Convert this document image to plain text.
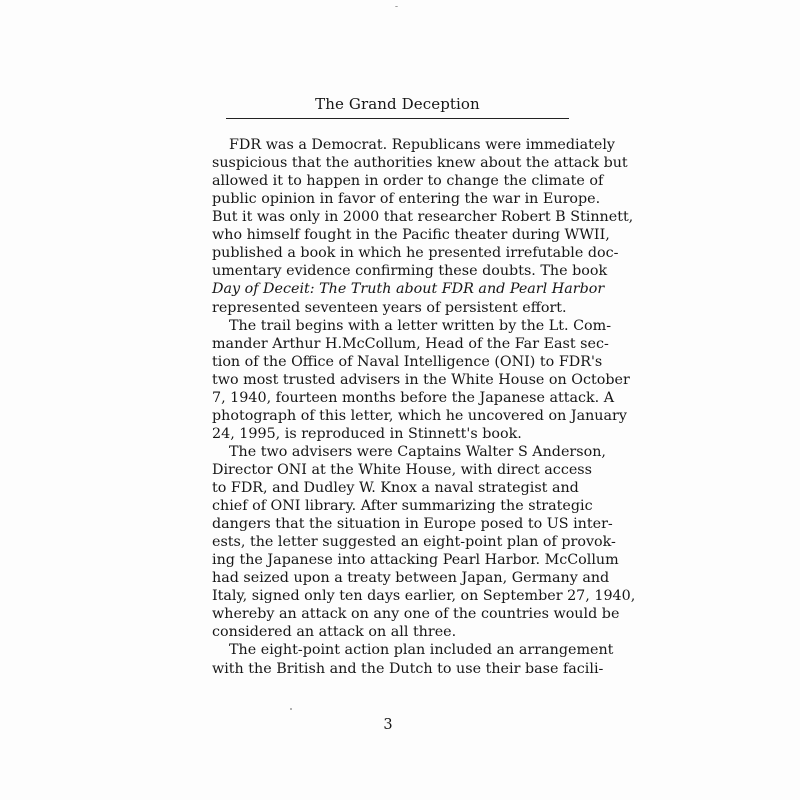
The Grand Deception
FDR was a Democrat. Republicans were immediately
suspicious that the authorities knew about the attack but
allowed it to happen in order to change the climate of
public opinion in favor of entering the war in Europe.
But it was only in 2000 that researcher Robert B Stinnett,
who himself fought in the Pacific theater during WWII,
published a book in which he presented irrefutable doc-
umentary evidence confirming these doubts. The book
Day of Deceit: The Truth about FDR and Pearl Harbor
represented seventeen years of persistent effort.
The trail begins with a letter written by the Lt. Com-
mander Arthur H.McCollum, Head of the Far East sec-
tion of the Office of Naval Intelligence (ONI) to FDR's
two most trusted advisers in the White House on October
7, 1940, fourteen months before the Japanese attack. A
photograph of this letter, which he uncovered on January
24, 1995, is reproduced in Stinnett's book.
The two advisers were Captains Walter S Anderson,
Director ONI at the White House, with direct access
to FDR, and Dudley W. Knox a naval strategist and
chief of ONI library. After summarizing the strategic
dangers that the situation in Europe posed to US inter-
ests, the letter suggested an eight-point plan of provok-
ing the Japanese into attacking Pearl Harbor. McCollum
had seized upon a treaty between Japan, Germany and
Italy, signed only ten days earlier, on September 27, 1940,
whereby an attack on any one of the countries would be
considered an attack on all three.
The eight-point action plan included an arrangement
with the British and the Dutch to use their base facili-
3
